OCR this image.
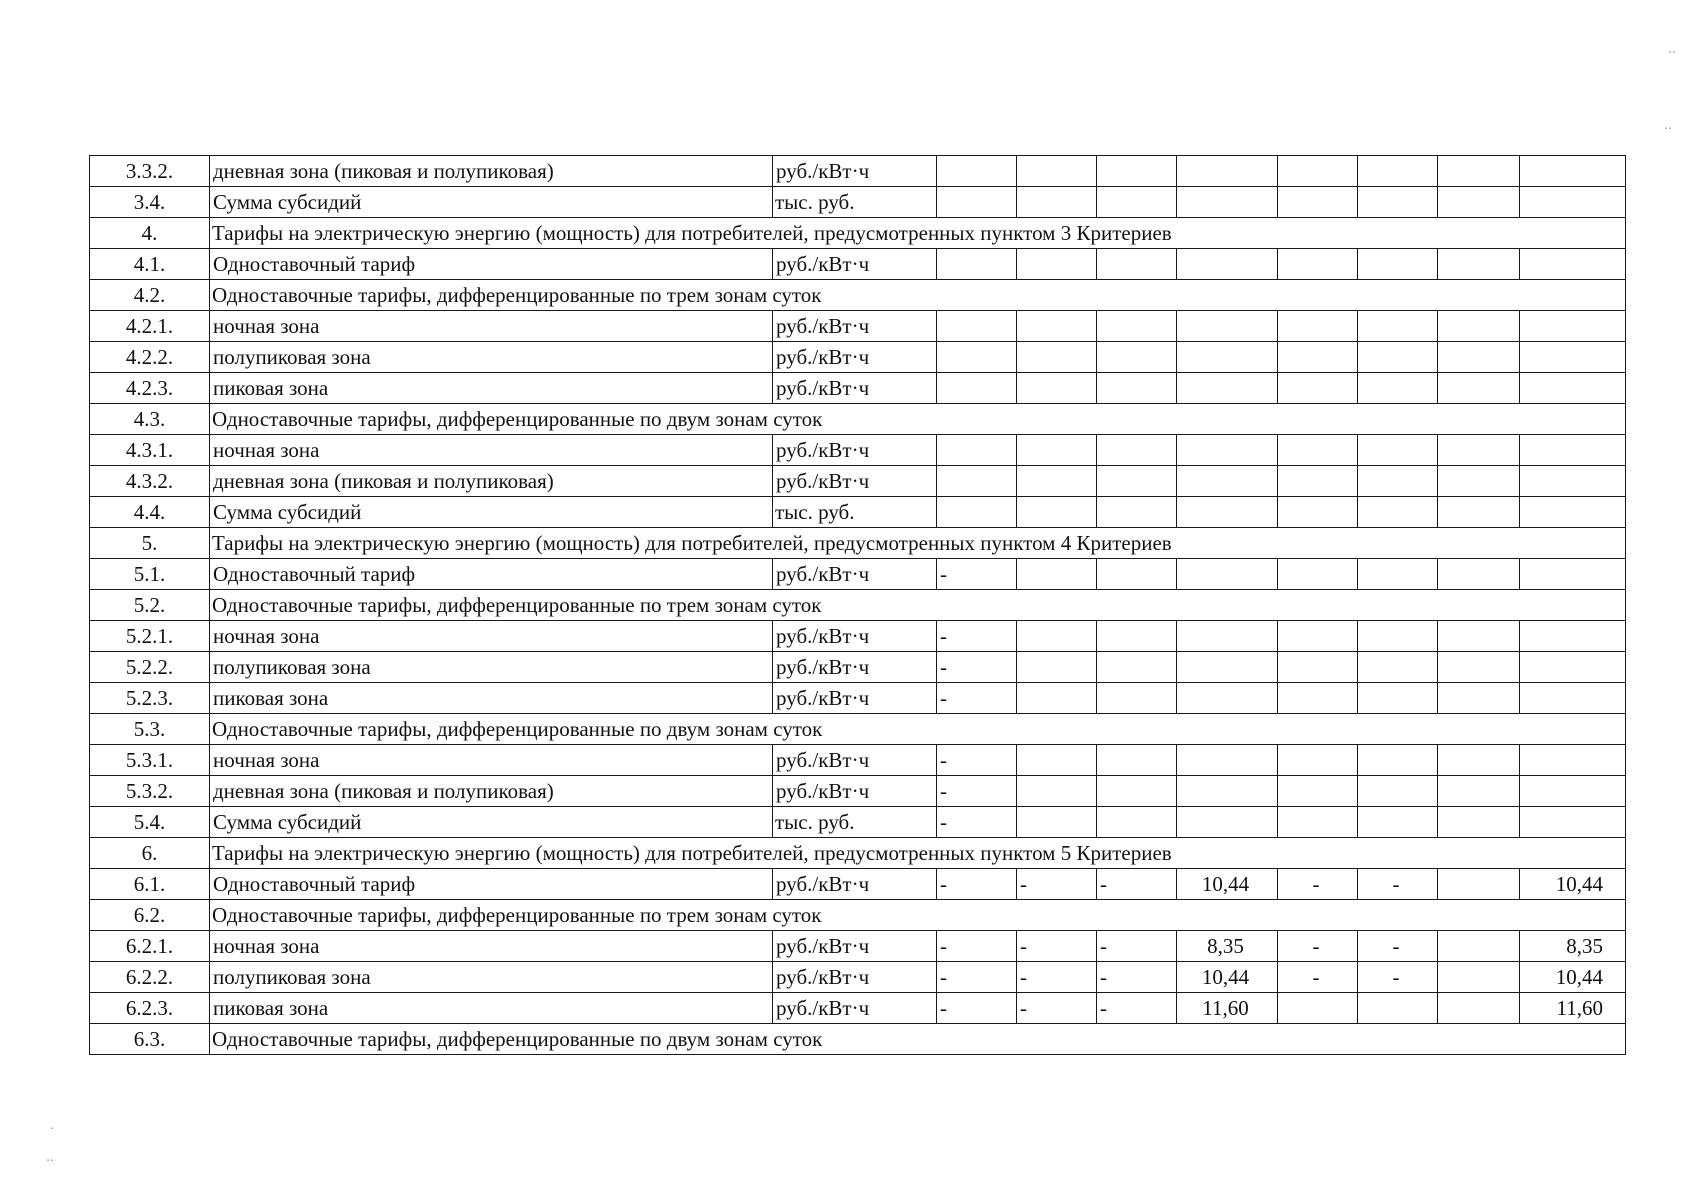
․․
․․
․
․․
3.3.2.	дневная зона (пиковая и полупиковая)	руб./кВт·ч								
3.4.	Сумма субсидий	тыс. руб.								
4.	Тарифы на электрическую энергию (мощность) для потребителей, предусмотренных пунктом 3 Критериев									
4.1.	Одноставочный тариф	руб./кВт·ч								
4.2.	Одноставочные тарифы, дифференцированные по трем зонам суток									
4.2.1.	ночная зона	руб./кВт·ч								
4.2.2.	полупиковая зона	руб./кВт·ч								
4.2.3.	пиковая зона	руб./кВт·ч								
4.3.	Одноставочные тарифы, дифференцированные по двум зонам суток									
4.3.1.	ночная зона	руб./кВт·ч								
4.3.2.	дневная зона (пиковая и полупиковая)	руб./кВт·ч								
4.4.	Сумма субсидий	тыс. руб.								
5.	Тарифы на электрическую энергию (мощность) для потребителей, предусмотренных пунктом 4 Критериев									
5.1.	Одноставочный тариф	руб./кВт·ч	-							
5.2.	Одноставочные тарифы, дифференцированные по трем зонам суток									
5.2.1.	ночная зона	руб./кВт·ч	-							
5.2.2.	полупиковая зона	руб./кВт·ч	-							
5.2.3.	пиковая зона	руб./кВт·ч	-							
5.3.	Одноставочные тарифы, дифференцированные по двум зонам суток									
5.3.1.	ночная зона	руб./кВт·ч	-							
5.3.2.	дневная зона (пиковая и полупиковая)	руб./кВт·ч	-							
5.4.	Сумма субсидий	тыс. руб.	-							
6.	Тарифы на электрическую энергию (мощность) для потребителей, предусмотренных пунктом 5 Критериев									
6.1.	Одноставочный тариф	руб./кВт·ч	-	-	-	10,44	-	-		10,44
6.2.	Одноставочные тарифы, дифференцированные по трем зонам суток									
6.2.1.	ночная зона	руб./кВт·ч	-	-	-	8,35	-	-		8,35
6.2.2.	полупиковая зона	руб./кВт·ч	-	-	-	10,44	-	-		10,44
6.2.3.	пиковая зона	руб./кВт·ч	-	-	-	11,60				11,60
6.3.	Одноставочные тарифы, дифференцированные по двум зонам суток									
